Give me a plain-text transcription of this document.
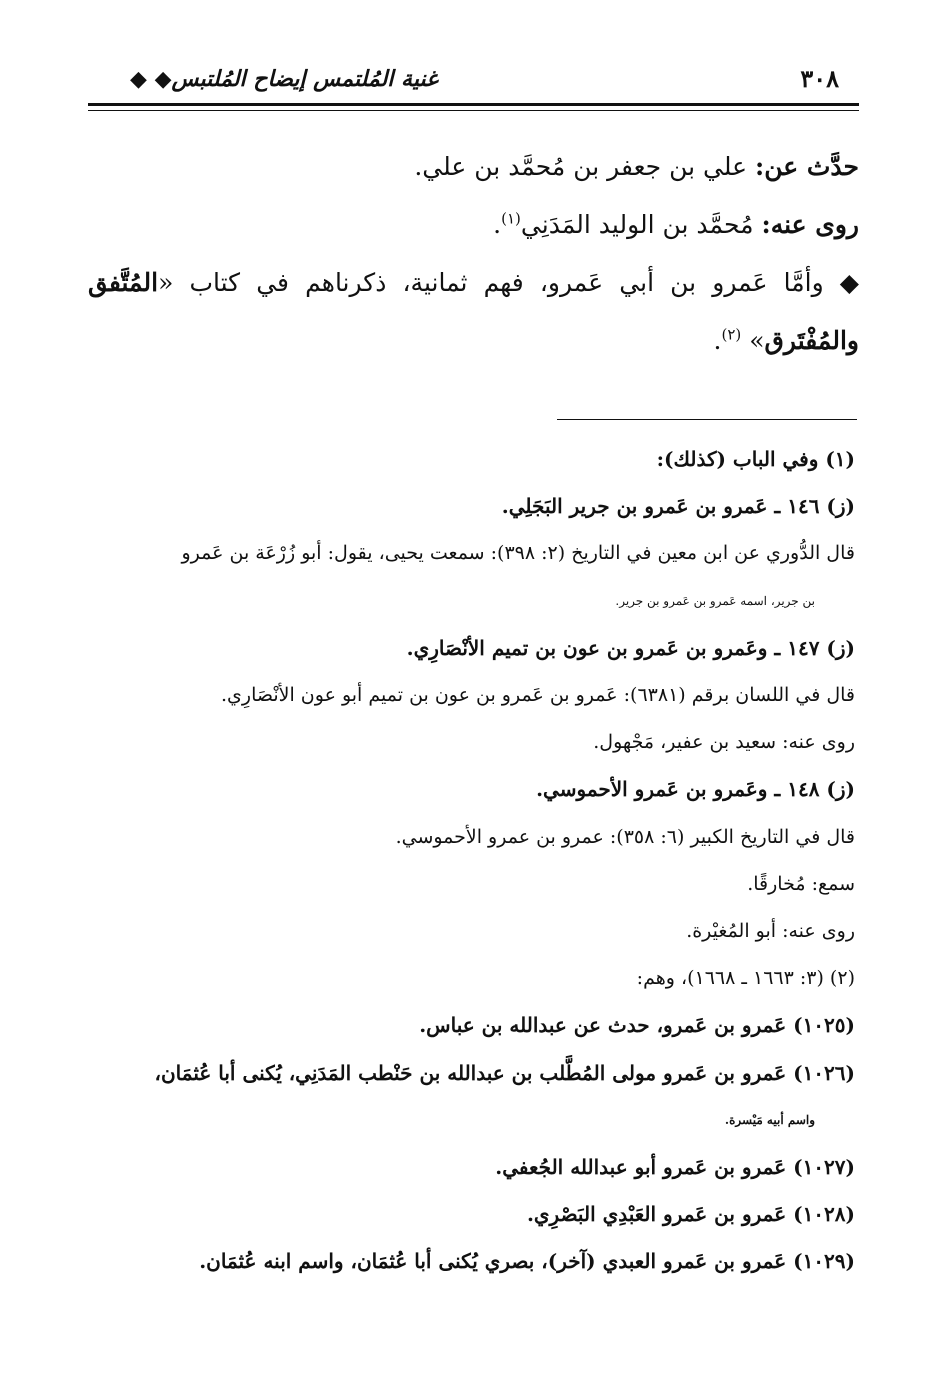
٣٠٨
غنية المُلتمس إيضاح المُلتبس◆ ◆

حدَّث عن: علي بن جعفر بن مُحمَّد بن علي.

روى عنه: مُحمَّد بن الوليد المَدَنِي$^{(١)}$.

◆ وأمَّا عَمرو بن أبي عَمرو، فهم ثمانية، ذكرناهم في كتاب «المُتَّفق والمُفْتَرق» $^{(٢)}$.

(١) وفي الباب (كذلك):

(ز) ١٤٦ ـ عَمرو بن عَمرو بن جرير البَجَلِي.

قال الدُّوري عن ابن معين في التاريخ (٢: ٣٩٨): سمعت يحيى، يقول: أبو زُرْعَة بن عَمرو

بن جرير، اسمه عَمرو بن عَمرو بن جرير.

(ز) ١٤٧ ـ وعَمرو بن عَمرو بن عون بن تميم الأنْصَارِي.

قال في اللسان برقم (٦٣٨١): عَمرو بن عَمرو بن عون بن تميم أبو عون الأنْصَارِي.

روى عنه: سعيد بن عفير، مَجْهول.

(ز) ١٤٨ ـ وعَمرو بن عَمرو الأحموسي.

قال في التاريخ الكبير (٦: ٣٥٨): عمرو بن عمرو الأحموسي.

سمع: مُخارقًا.

روى عنه: أبو المُغيْرة.

(٢) (٣: ١٦٦٣ ـ ١٦٦٨)، وهم:

(١٠٢٥) عَمرو بن عَمرو، حدث عن عبدالله بن عباس.

(١٠٢٦) عَمرو بن عَمرو مولى المُطَّلب بن عبدالله بن حَنْطب المَدَنِي، يُكنى أبا عُثمَان،

واسم أبيه مَيْسرة.

(١٠٢٧) عَمرو بن عَمرو أبو عبدالله الجُعفي.

(١٠٢٨) عَمرو بن عَمرو العَبْدِي البَصْرِي.

(١٠٢٩) عَمرو بن عَمرو العبدي (آخر)، بصري يُكنى أبا عُثمَان، واسم ابنه عُثمَان.
